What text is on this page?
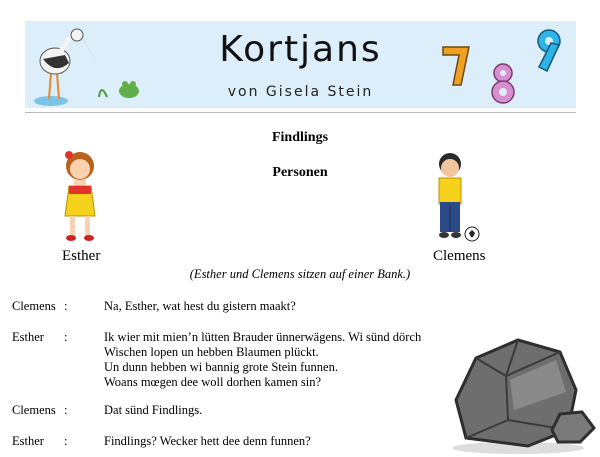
Kortjans
von Gisela Stein
Findlings
Personen
Esther	Clemens
(Esther und Clemens sitzen auf einer Bank.)
Clemens :	Na, Esther, wat hest du gistern maakt?
Esther :	Ik wier mit mien’n lütten Brauder ünnerwägens. Wi sünd dörch
Wischen lopen un hebben Blaumen plückt.
Un dunn hebben wi bannig grote Stein funnen.
Woans mœgen dee woll dorhen kamen sin?
Clemens :	Dat sünd Findlings.
Esther :	Findlings? Wecker hett dee denn funnen?
